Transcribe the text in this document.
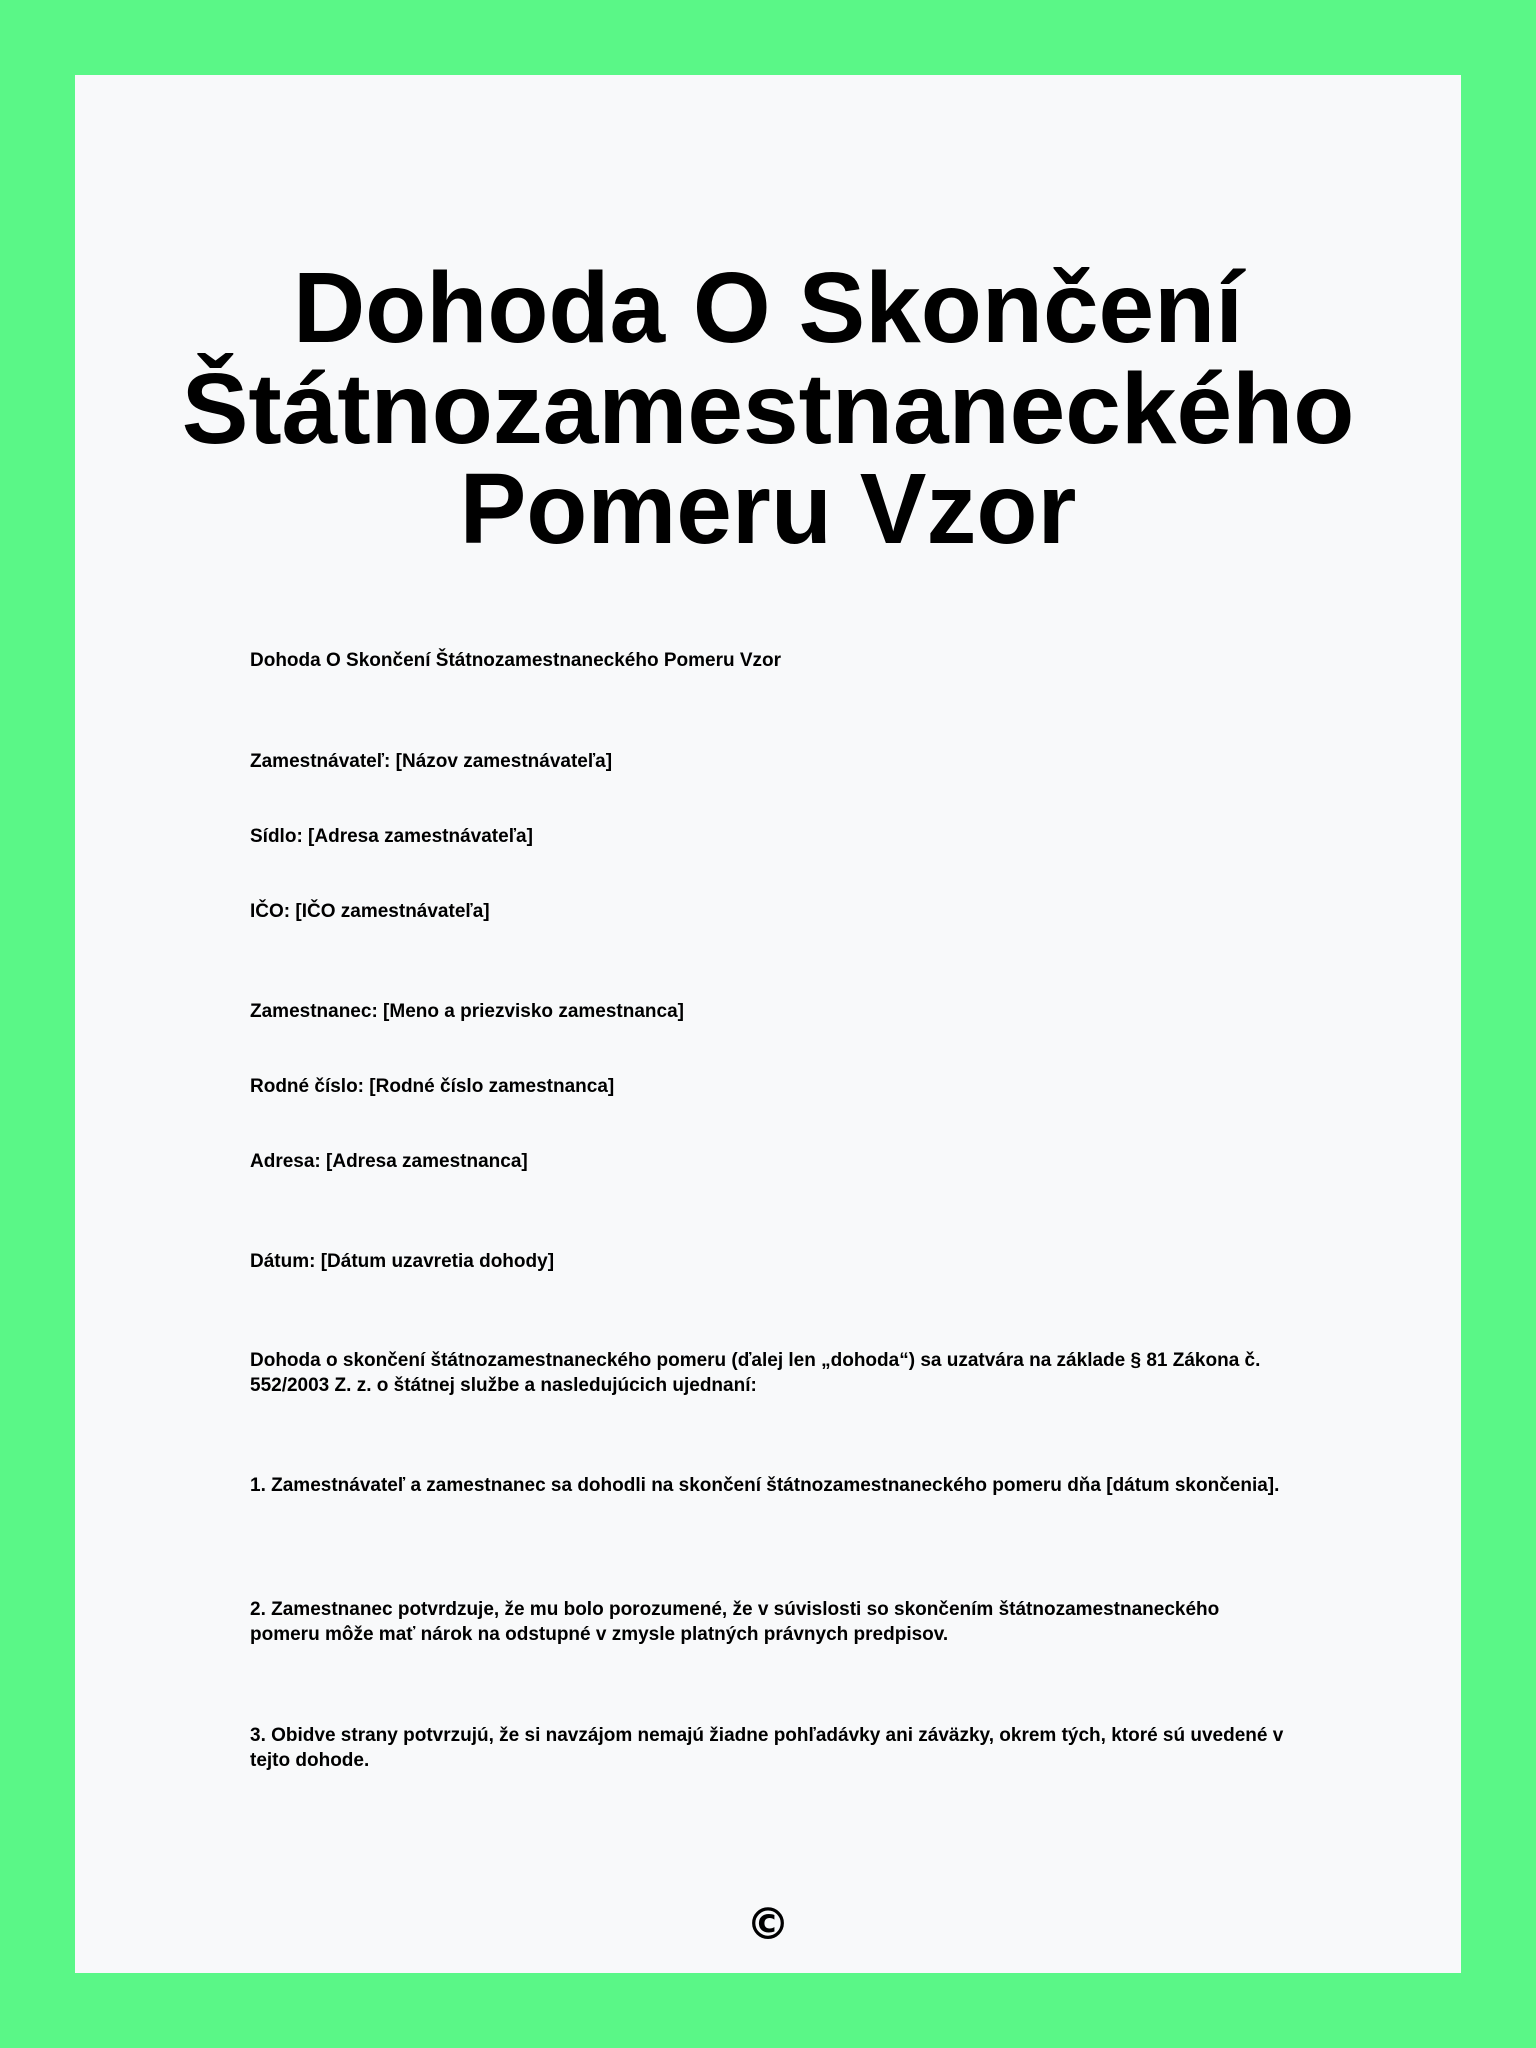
Dohoda O Skončení
Štátnozamestnaneckého
Pomeru Vzor

Dohoda O Skončení Štátnozamestnaneckého Pomeru Vzor

Zamestnávateľ: [Názov zamestnávateľa]

Sídlo: [Adresa zamestnávateľa]

IČO: [IČO zamestnávateľa]

Zamestnanec: [Meno a priezvisko zamestnanca]

Rodné číslo: [Rodné číslo zamestnanca]

Adresa: [Adresa zamestnanca]

Dátum: [Dátum uzavretia dohody]

Dohoda o skončení štátnozamestnaneckého pomeru (ďalej len „dohoda“) sa uzatvára na základe § 81 Zákona č. 552/2003 Z. z. o štátnej službe a nasledujúcich ujednaní:

1. Zamestnávateľ a zamestnanec sa dohodli na skončení štátnozamestnaneckého pomeru dňa [dátum skončenia].

2. Zamestnanec potvrdzuje, že mu bolo porozumené, že v súvislosti so skončením štátnozamestnaneckého pomeru môže mať nárok na odstupné v zmysle platných právnych predpisov.

3. Obidve strany potvrzujú, že si navzájom nemajú žiadne pohľadávky ani záväzky, okrem tých, ktoré sú uvedené v tejto dohode.

©
